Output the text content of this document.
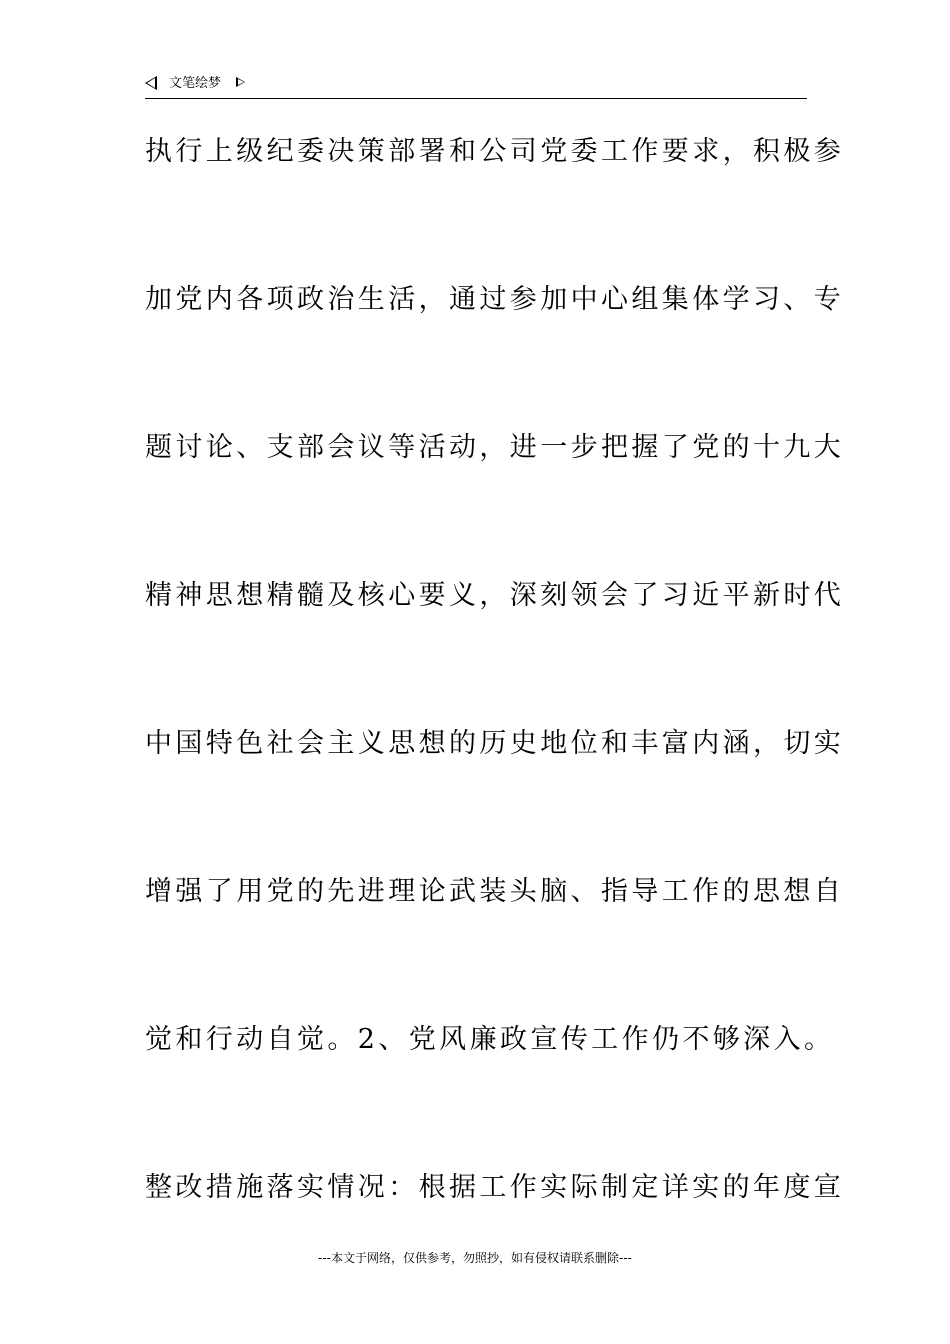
文笔绘梦
执行上级纪委决策部署和公司党委工作要求，积极参
加党内各项政治生活，通过参加中心组集体学习、专
题讨论、支部会议等活动，进一步把握了党的十九大
精神思想精髓及核心要义，深刻领会了习近平新时代
中国特色社会主义思想的历史地位和丰富内涵，切实
增强了用党的先进理论武装头脑、指导工作的思想自
觉和行动自觉。2、党风廉政宣传工作仍不够深入。
整改措施落实情况：根据工作实际制定详实的年度宣
---本文于网络，仅供参考，勿照抄，如有侵权请联系删除---
